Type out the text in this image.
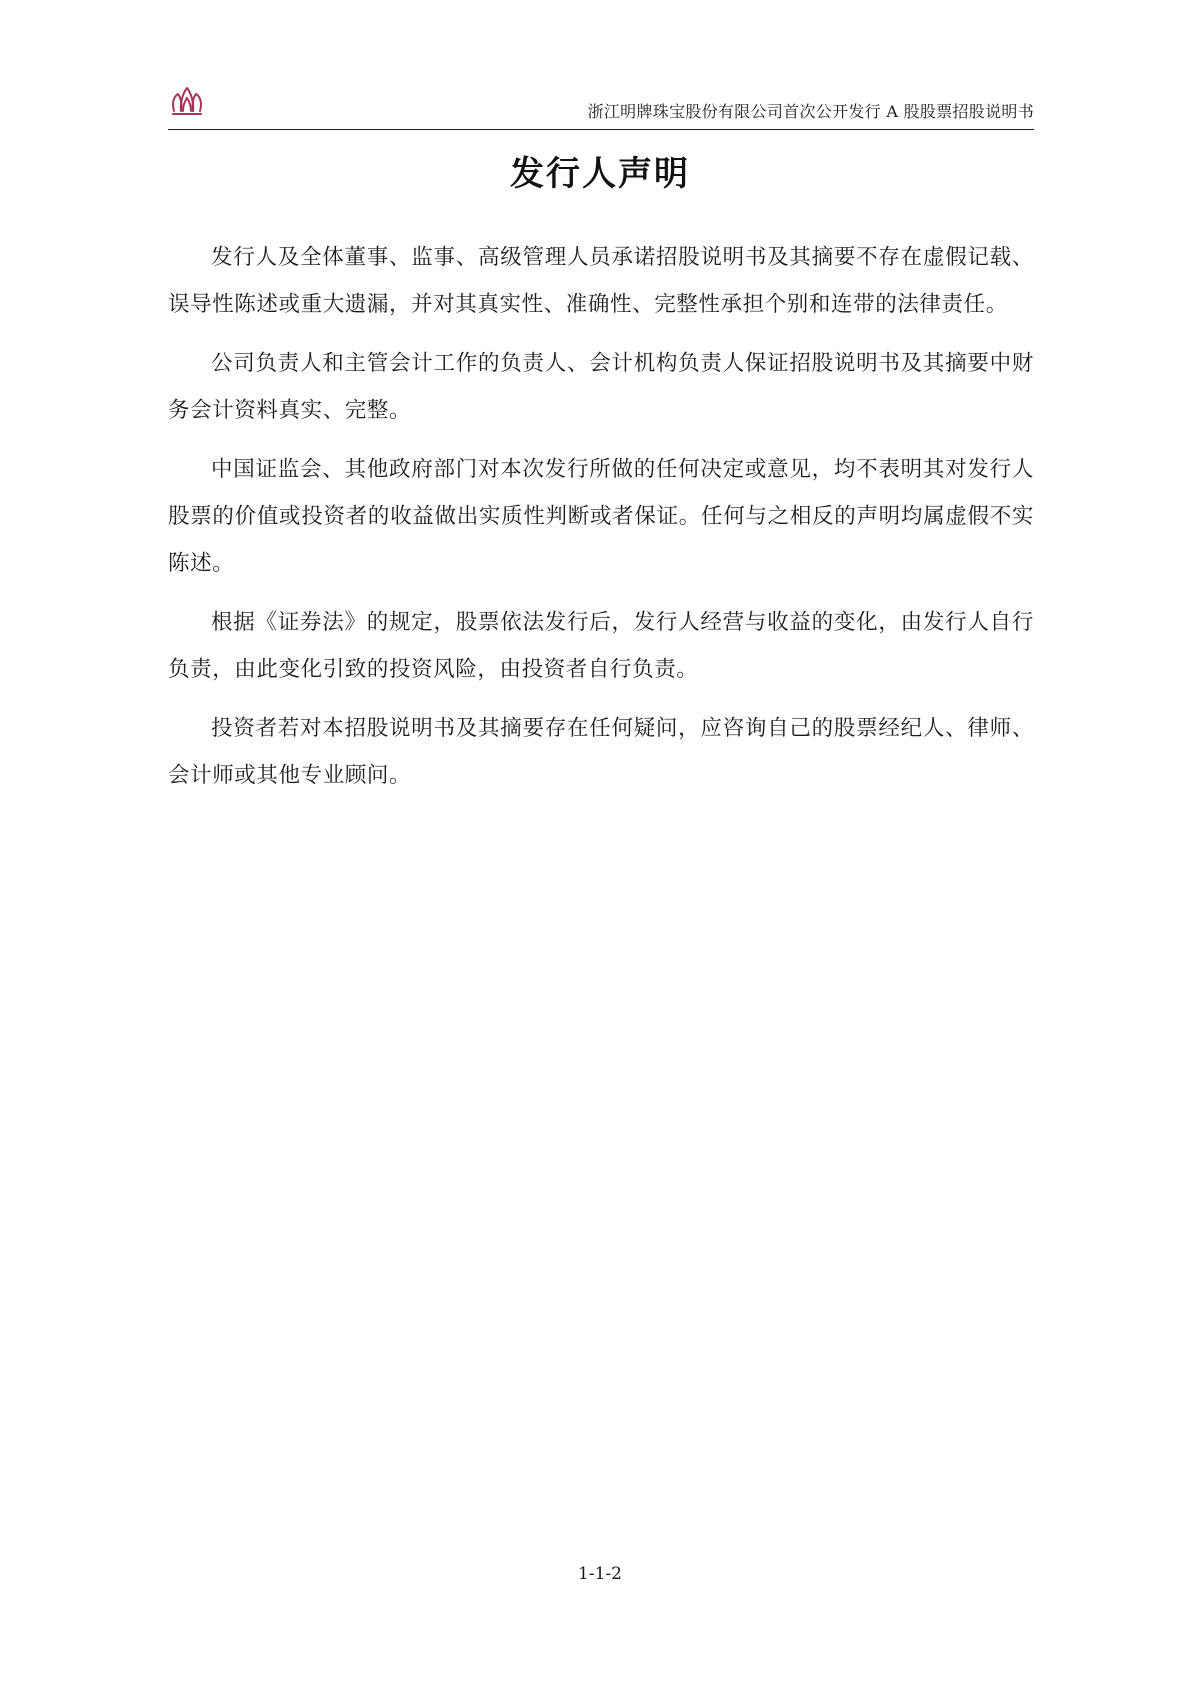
浙江明牌珠宝股份有限公司首次公开发行 A 股股票招股说明书
发行人声明

发行人及全体董事、监事、高级管理人员承诺招股说明书及其摘要不存在虚假记载、误导性陈述或重大遗漏，并对其真实性、准确性、完整性承担个别和连带的法律责任。

公司负责人和主管会计工作的负责人、会计机构负责人保证招股说明书及其摘要中财务会计资料真实、完整。

中国证监会、其他政府部门对本次发行所做的任何决定或意见，均不表明其对发行人股票的价值或投资者的收益做出实质性判断或者保证。任何与之相反的声明均属虚假不实陈述。

根据《证券法》的规定，股票依法发行后，发行人经营与收益的变化，由发行人自行负责，由此变化引致的投资风险，由投资者自行负责。

投资者若对本招股说明书及其摘要存在任何疑问，应咨询自己的股票经纪人、律师、会计师或其他专业顾问。

1-1-2
